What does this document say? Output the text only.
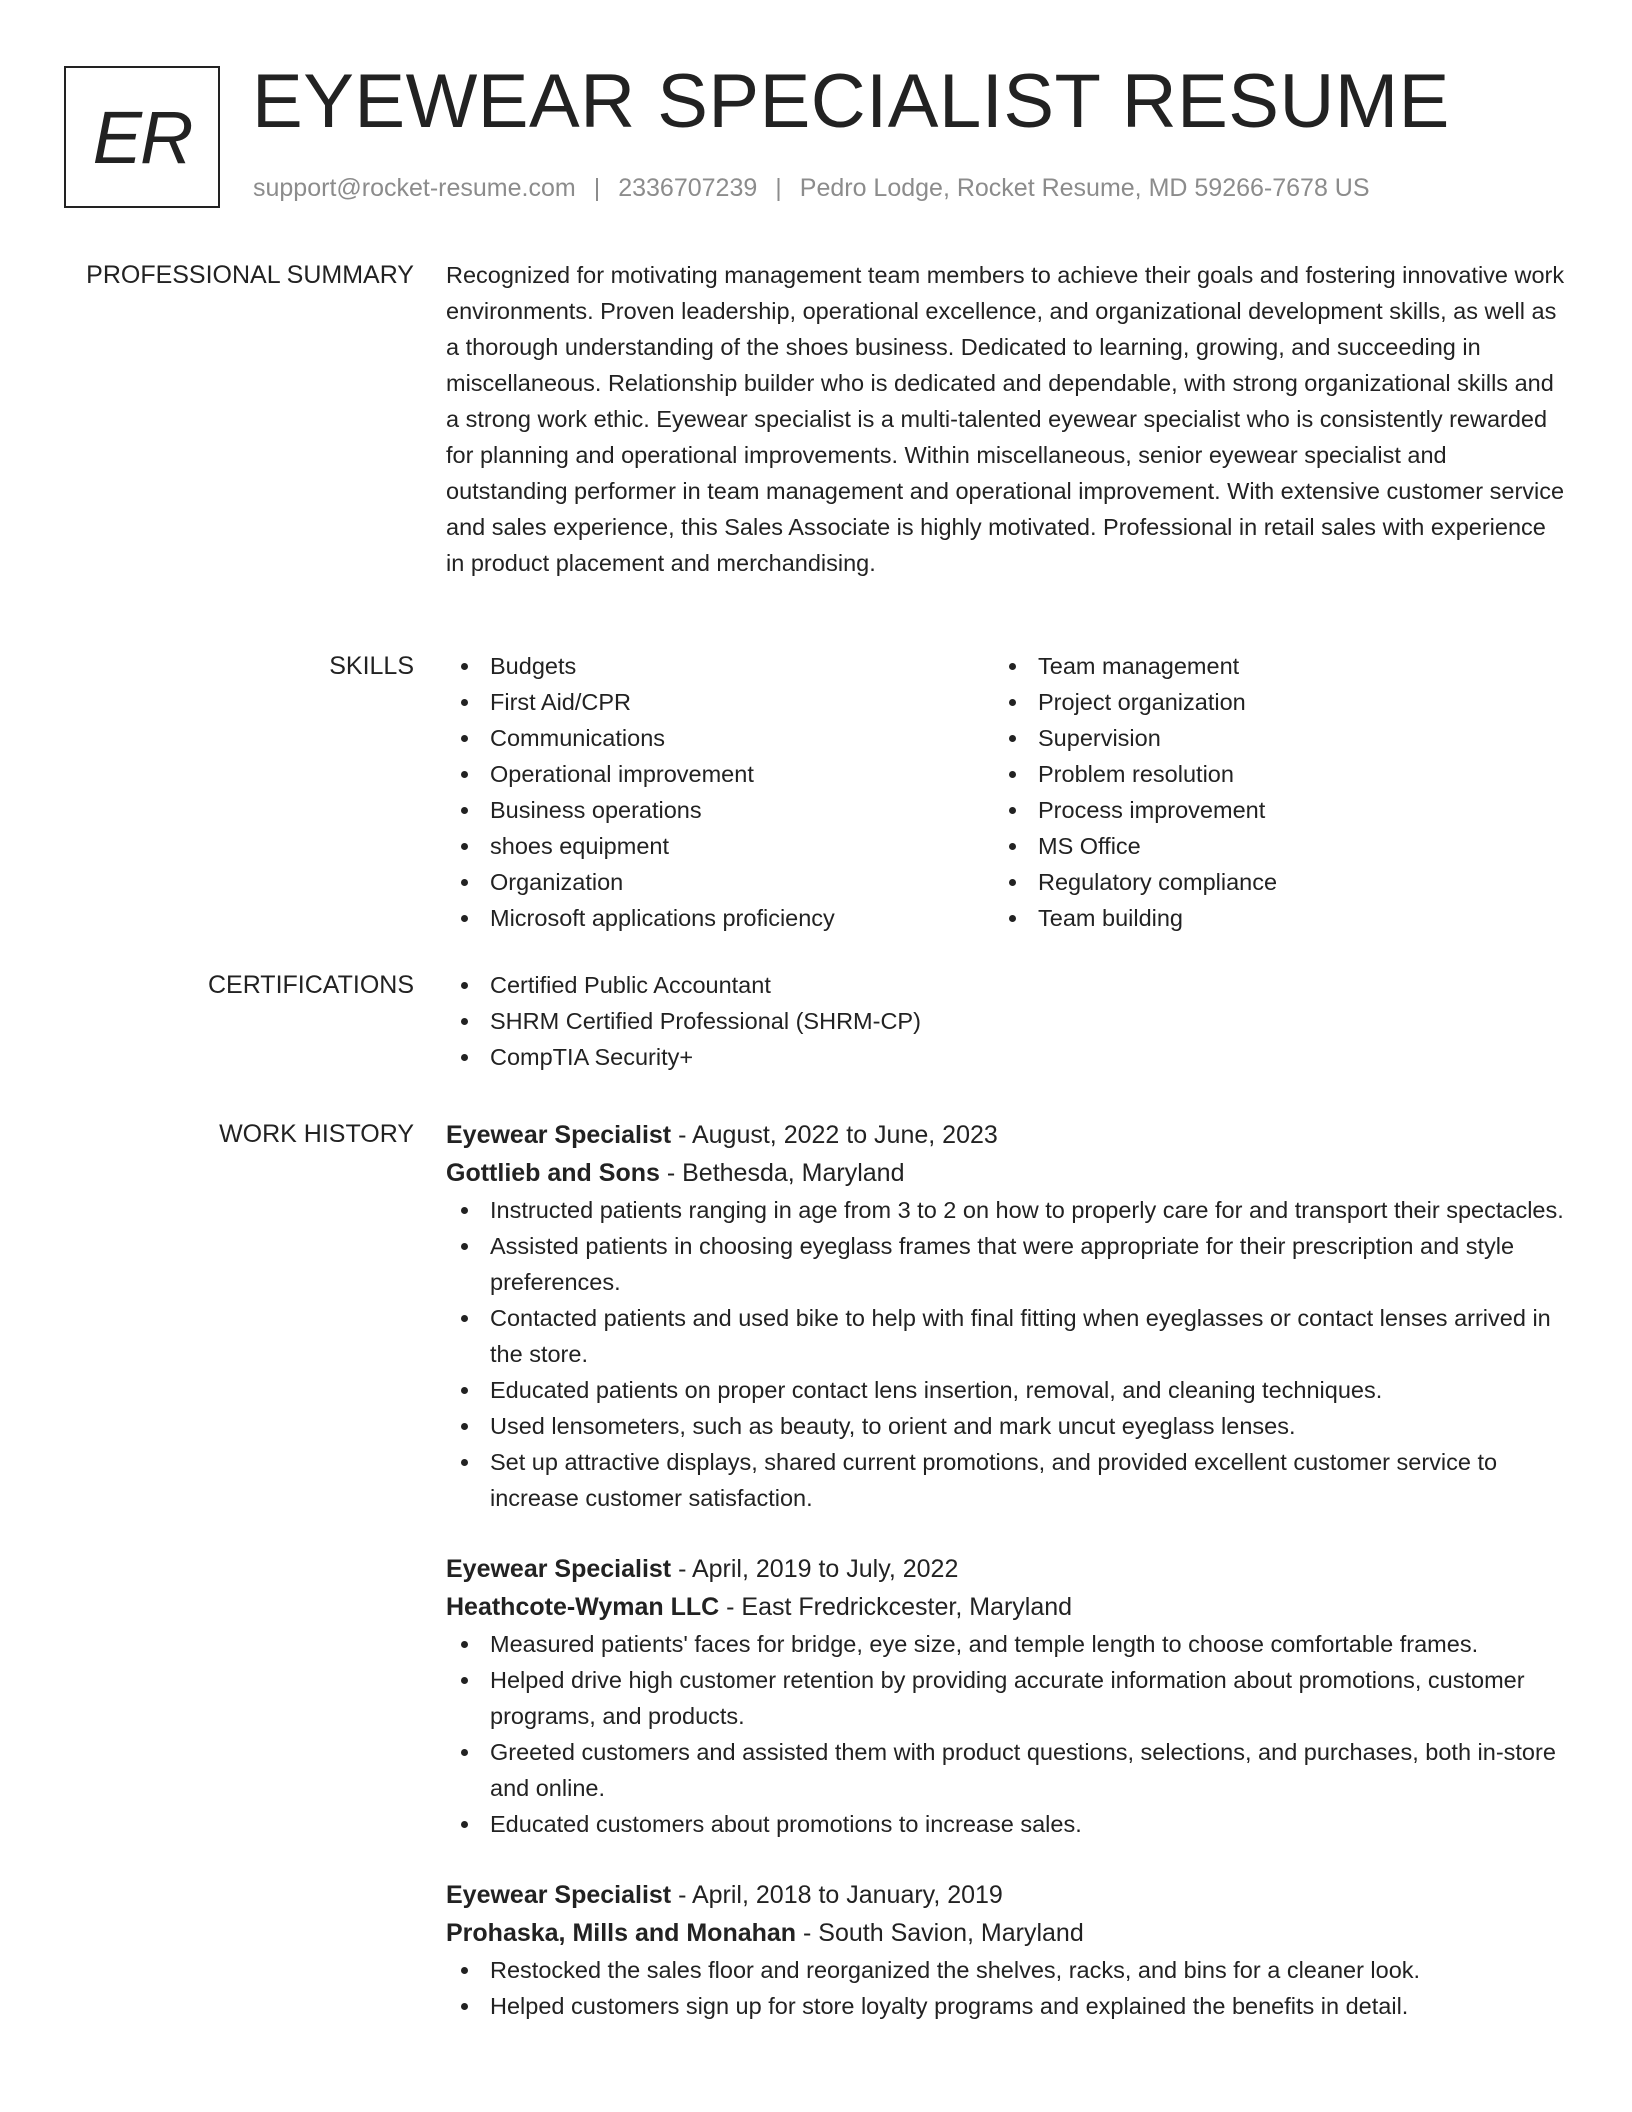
ER EYEWEAR SPECIALIST RESUME
support@rocket-resume.com | 2336707239 | Pedro Lodge, Rocket Resume, MD 59266-7678 US
PROFESSIONAL SUMMARY Recognized for motivating management team members to achieve their goals and fostering innovative work environments. Proven leadership, operational excellence, and organizational development skills, as well as a thorough understanding of the shoes business. Dedicated to learning, growing, and succeeding in miscellaneous. Relationship builder who is dedicated and dependable, with strong organizational skills and a strong work ethic. Eyewear specialist is a multi-talented eyewear specialist who is consistently rewarded for planning and operational improvements. Within miscellaneous, senior eyewear specialist and outstanding performer in team management and operational improvement. With extensive customer service and sales experience, this Sales Associate is highly motivated. Professional in retail sales with experience in product placement and merchandising.

SKILLS	Budgets
First Aid/CPR
Communications
Operational improvement
Business operations
shoes equipment
Organization
Microsoft applications proficiency
Team management
Project organization
Supervision
Problem resolution
Process improvement
MS Office
Regulatory compliance
Team building
CERTIFICATIONS	Certified Public Accountant
SHRM Certified Professional (SHRM-CP)
CompTIA Security+
WORK HISTORY Eyewear Specialist - August, 2022 to June, 2023
Gottlieb and Sons - Bethesda, Maryland
Instructed patients ranging in age from 3 to 2 on how to properly care for and transport their spectacles.
Assisted patients in choosing eyeglass frames that were appropriate for their prescription and style preferences.
Contacted patients and used bike to help with final fitting when eyeglasses or contact lenses arrived in the store.
Educated patients on proper contact lens insertion, removal, and cleaning techniques.
Used lensometers, such as beauty, to orient and mark uncut eyeglass lenses.
Set up attractive displays, shared current promotions, and provided excellent customer service to increase customer satisfaction.
Eyewear Specialist - April, 2019 to July, 2022
Heathcote-Wyman LLC - East Fredrickcester, Maryland
Measured patients' faces for bridge, eye size, and temple length to choose comfortable frames.
Helped drive high customer retention by providing accurate information about promotions, customer programs, and products.
Greeted customers and assisted them with product questions, selections, and purchases, both in-store and online.
Educated customers about promotions to increase sales.
Eyewear Specialist - April, 2018 to January, 2019
Prohaska, Mills and Monahan - South Savion, Maryland
Restocked the sales floor and reorganized the shelves, racks, and bins for a cleaner look.
Helped customers sign up for store loyalty programs and explained the benefits in detail.
